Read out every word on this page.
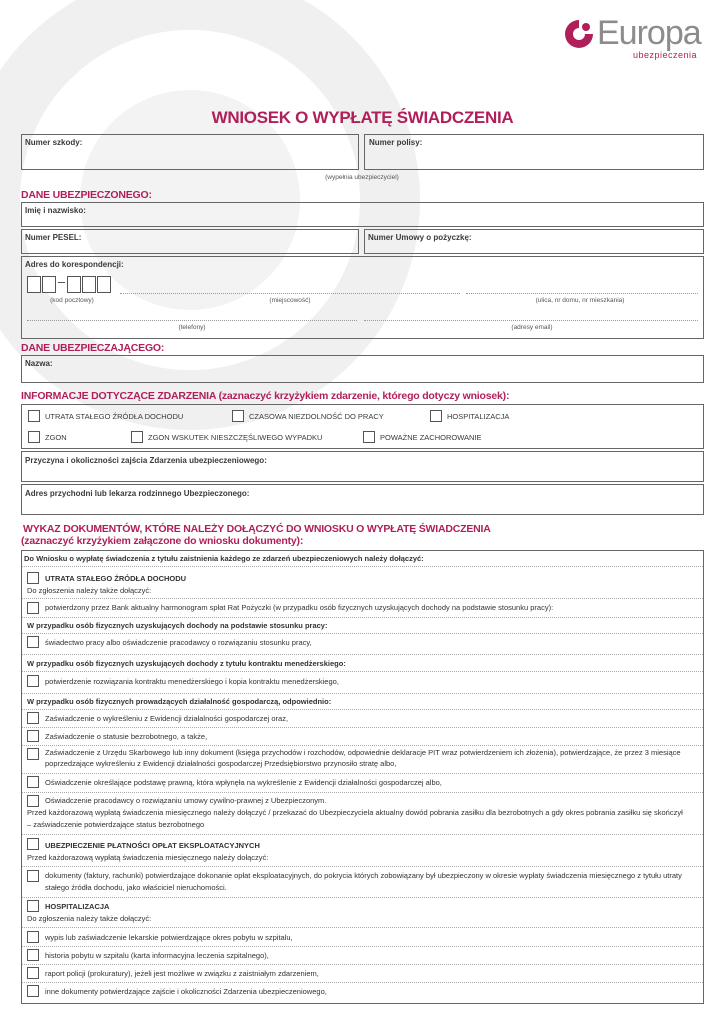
Europa
ubezpieczenia
WNIOSEK O WYPŁATĘ ŚWIADCZENIA
Numer szkody:	Numer polisy:
(wypełnia ubezpieczyciel)
DANE UBEZPIECZONEGO:
Imię i nazwisko:
Numer PESEL:	Numer Umowy o pożyczkę:
Adres do korespondencji:
(kod pocztowy)	(miejscowość)	(ulica, nr domu, nr mieszkania)
(telefony)	(adresy email)
DANE UBEZPIECZAJĄCEGO:
Nazwa:
INFORMACJE DOTYCZĄCE ZDARZENIA (zaznaczyć krzyżykiem zdarzenie, którego dotyczy wniosek):
UTRATA STAŁEGO ŹRÓDŁA DOCHODU	CZASOWA NIEZDOLNOŚĆ DO PRACY	HOSPITALIZACJA
ZGON	ZGON WSKUTEK NIESZCZĘŚLIWEGO WYPADKU	POWAŻNE ZACHOROWANIE
Przyczyna i okoliczności zajścia Zdarzenia ubezpieczeniowego:
Adres przychodni lub lekarza rodzinnego Ubezpieczonego:
WYKAZ DOKUMENTÓW, KTÓRE NALEŻY DOŁĄCZYĆ DO WNIOSKU O WYPŁATĘ ŚWIADCZENIA
(zaznaczyć krzyżykiem załączone do wniosku dokumenty):
Do Wniosku o wypłatę świadczenia z tytułu zaistnienia każdego ze zdarzeń ubezpieczeniowych należy dołączyć:
UTRATA STAŁEGO ŹRÓDŁA DOCHODU
Do zgłoszenia należy także dołączyć:
potwierdzony przez Bank aktualny harmonogram spłat Rat Pożyczki (w przypadku osób fizycznych uzyskujących dochody na podstawie stosunku pracy):
W przypadku osób fizycznych uzyskujących dochody na podstawie stosunku pracy:
świadectwo pracy albo oświadczenie pracodawcy o rozwiązaniu stosunku pracy,
W przypadku osób fizycznych uzyskujących dochody z tytułu kontraktu menedżerskiego:
potwierdzenie rozwiązania kontraktu menedżerskiego i kopia kontraktu menedżerskiego,
W przypadku osób fizycznych prowadzących działalność gospodarczą, odpowiednio:
Zaświadczenie o wykreśleniu z Ewidencji działalności gospodarczej oraz,
Zaświadczenie o statusie bezrobotnego, a także,
Zaświadczenie z Urzędu Skarbowego lub inny dokument (księga przychodów i rozchodów, odpowiednie deklaracje PIT wraz potwierdzeniem ich złożenia), potwierdzające, że przez 3 miesiące
poprzedzające wykreśleniu z Ewidencji działalności gospodarczej Przedsiębiorstwo przynosiło stratę albo,
Oświadczenie określające podstawę prawną, która wpłynęła na wykreślenie z Ewidencji działalności gospodarczej albo,
Oświadczenie pracodawcy o rozwiązaniu umowy cywilno-prawnej z Ubezpieczonym.
Przed każdorazową wypłatą świadczenia miesięcznego należy dołączyć / przekazać do Ubezpieczyciela aktualny dowód pobrania zasiłku dla bezrobotnych a gdy okres pobrania zasiłku się skończył
– zaświadczenie potwierdzające status bezrobotnego
UBEZPIECZENIE PŁATNOŚCI OPŁAT EKSPLOATACYJNYCH
Przed każdorazową wypłatą świadczenia miesięcznego należy dołączyć:
dokumenty (faktury, rachunki) potwierdzające dokonanie opłat eksploatacyjnych, do pokrycia których zobowiązany był ubezpieczony w okresie wypłaty świadczenia miesięcznego z tytułu utraty
stałego źródła dochodu, jako właściciel nieruchomości.
HOSPITALIZACJA
Do zgłoszenia należy także dołączyć:
wypis lub zaświadczenie lekarskie potwierdzające okres pobytu w szpitalu,
historia pobytu w szpitalu (karta informacyjna leczenia szpitalnego),
raport policji (prokuratury), jeżeli jest możliwe w związku z zaistniałym zdarzeniem,
inne dokumenty potwierdzające zajście i okoliczności Zdarzenia ubezpieczeniowego,
